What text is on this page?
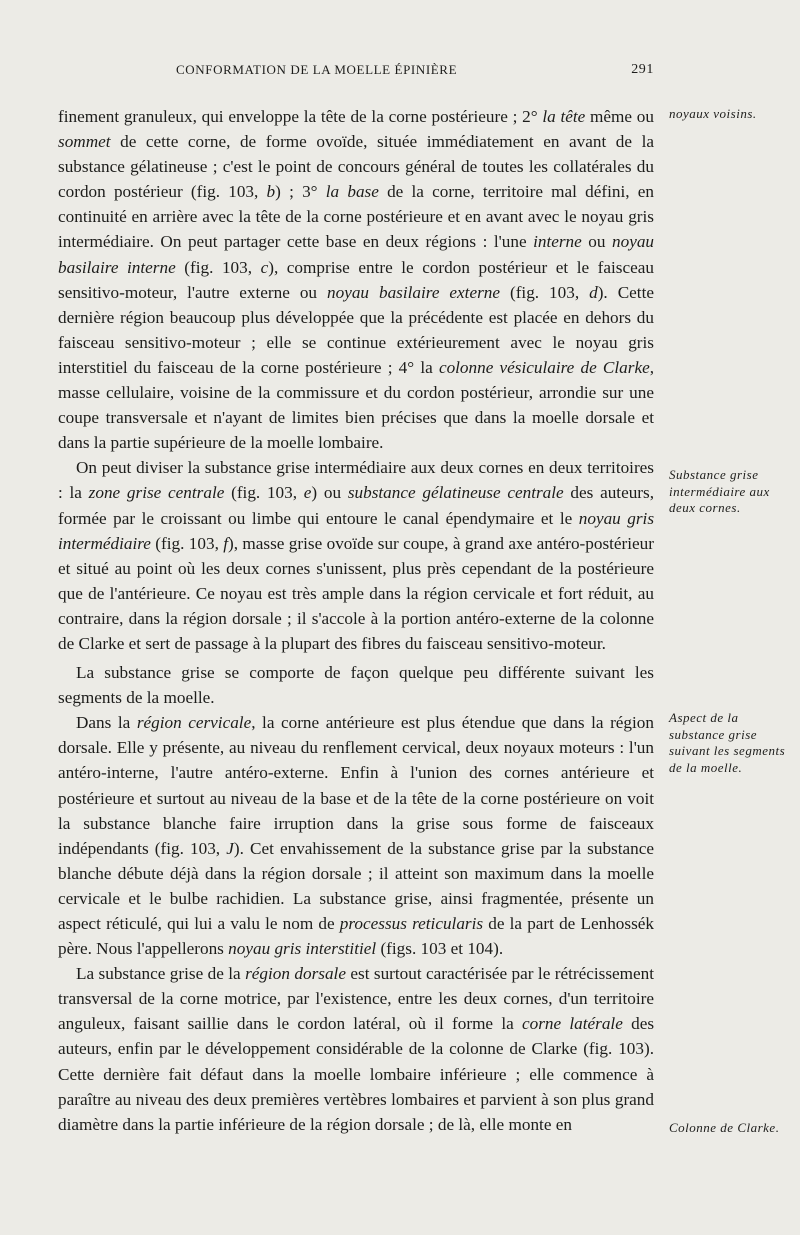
CONFORMATION DE LA MOELLE ÉPINIÈRE	291

finement granuleux, qui enveloppe la tête de la corne postérieure ; 2° la tête même ou sommet de cette corne, de forme ovoïde, située immédiatement en avant de la substance gélatineuse ; c'est le point de concours général de toutes les collatérales du cordon postérieur (fig. 103, b) ; 3° la base de la corne, territoire mal défini, en continuité en arrière avec la tête de la corne postérieure et en avant avec le noyau gris intermédiaire. On peut partager cette base en deux régions : l'une interne ou noyau basilaire interne (fig. 103, c), comprise entre le cordon postérieur et le faisceau sensitivo-moteur, l'autre externe ou noyau basilaire externe (fig. 103, d). Cette dernière région beaucoup plus développée que la précédente est placée en dehors du faisceau sensitivo-moteur ; elle se continue extérieurement avec le noyau gris interstitiel du faisceau de la corne postérieure ; 4° la colonne vésiculaire de Clarke, masse cellulaire, voisine de la commissure et du cordon postérieur, arrondie sur une coupe transversale et n'ayant de limites bien précises que dans la moelle dorsale et dans la partie supérieure de la moelle lombaire.

On peut diviser la substance grise intermédiaire aux deux cornes en deux territoires : la zone grise centrale (fig. 103, e) ou substance gélatineuse centrale des auteurs, formée par le croissant ou limbe qui entoure le canal épendymaire et le noyau gris intermédiaire (fig. 103, f), masse grise ovoïde sur coupe, à grand axe antéro-postérieur et situé au point où les deux cornes s'unissent, plus près cependant de la postérieure que de l'antérieure. Ce noyau est très ample dans la région cervicale et fort réduit, au contraire, dans la région dorsale ; il s'accole à la portion antéro-externe de la colonne de Clarke et sert de passage à la plupart des fibres du faisceau sensitivo-moteur.

La substance grise se comporte de façon quelque peu différente suivant les segments de la moelle.

Dans la région cervicale, la corne antérieure est plus étendue que dans la région dorsale. Elle y présente, au niveau du renflement cervical, deux noyaux moteurs : l'un antéro-interne, l'autre antéro-externe. Enfin à l'union des cornes antérieure et postérieure et surtout au niveau de la base et de la tête de la corne postérieure on voit la substance blanche faire irruption dans la grise sous forme de faisceaux indépendants (fig. 103, J). Cet envahissement de la substance grise par la substance blanche débute déjà dans la région dorsale ; il atteint son maximum dans la moelle cervicale et le bulbe rachidien. La substance grise, ainsi fragmentée, présente un aspect réticulé, qui lui a valu le nom de processus reticularis de la part de Lenhossék père. Nous l'appellerons noyau gris interstitiel (figs. 103 et 104).

La substance grise de la région dorsale est surtout caractérisée par le rétrécissement transversal de la corne motrice, par l'existence, entre les deux cornes, d'un territoire anguleux, faisant saillie dans le cordon latéral, où il forme la corne latérale des auteurs, enfin par le développement considérable de la colonne de Clarke (fig. 103). Cette dernière fait défaut dans la moelle lombaire inférieure ; elle commence à paraître au niveau des deux premières vertèbres lombaires et parvient à son plus grand diamètre dans la partie inférieure de la région dorsale ; de là, elle monte en

noyaux voisins.
Substance grise intermédiaire aux deux cornes.
Aspect de la substance grise suivant les segments de la moelle.
Colonne de Clarke.
